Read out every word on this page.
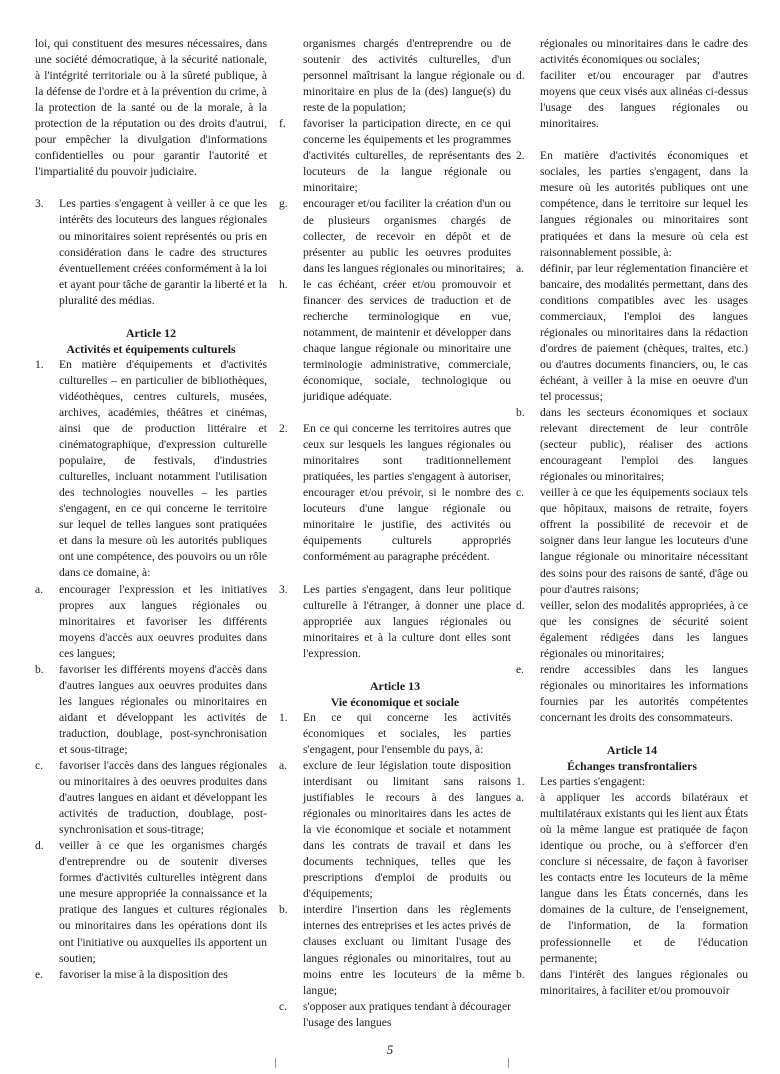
loi, qui constituent des mesures nécessaires, dans une société démocratique, à la sécurité nationale, à l'intégrité territoriale ou à la sûreté publique, à la défense de l'ordre et à la prévention du crime, à la protection de la santé ou de la morale, à la protection de la réputation ou des droits d'autrui, pour empêcher la divulgation d'informations confidentielles ou pour garantir l'autorité et l'impartialité du pouvoir judiciaire.

3. Les parties s'engagent à veiller à ce que les intérêts des locuteurs des langues régionales ou minoritaires soient représentés ou pris en considération dans le cadre des structures éventuellement créées conformément à la loi et ayant pour tâche de garantir la liberté et la pluralité des médias.

Article 12

Activités et équipements culturels

1. En matière d'équipements et d'activités culturelles – en particulier de bibliothèques, vidéothèques, centres culturels, musées, archives, académies, théâtres et cinémas, ainsi que de production littéraire et cinématographique, d'expression culturelle populaire, de festivals, d'industries culturelles, incluant notamment l'utilisation des technologies nouvelles – les parties s'engagent, en ce qui concerne le territoire sur lequel de telles langues sont pratiquées et dans la mesure où les autorités publiques ont une compétence, des pouvoirs ou un rôle dans ce domaine, à:

a. encourager l'expression et les initiatives propres aux langues régionales ou minoritaires et favoriser les différents moyens d'accès aux oeuvres produites dans ces langues;

b. favoriser les différents moyens d'accès dans d'autres langues aux oeuvres produites dans les langues régionales ou minoritaires en aidant et développant les activités de traduction, doublage, post-synchronisation et sous-titrage;

c. favoriser l'accès dans des langues régionales ou minoritaires à des oeuvres produites dans d'autres langues en aidant et développant les activités de traduction, doublage, post-synchronisation et sous-titrage;

d. veiller à ce que les organismes chargés d'entreprendre ou de soutenir diverses formes d'activités culturelles intègrent dans une mesure appropriée la connaissance et la pratique des langues et cultures régionales ou minoritaires dans les opérations dont ils ont l'initiative ou auxquelles ils apportent un soutien;

e. favoriser la mise à la disposition des

organismes chargés d'entreprendre ou de soutenir des activités culturelles, d'un personnel maîtrisant la langue régionale ou minoritaire en plus de la (des) langue(s) du reste de la population;

f. favoriser la participation directe, en ce qui concerne les équipements et les programmes d'activités culturelles, de représentants des locuteurs de la langue régionale ou minoritaire;

g. encourager et/ou faciliter la création d'un ou de plusieurs organismes chargés de collecter, de recevoir en dépôt et de présenter au public les oeuvres produites dans les langues régionales ou minoritaires;

h. le cas échéant, créer et/ou promouvoir et financer des services de traduction et de recherche terminologique en vue, notamment, de maintenir et développer dans chaque langue régionale ou minoritaire une terminologie administrative, commerciale, économique, sociale, technologique ou juridique adéquate.

2. En ce qui concerne les territoires autres que ceux sur lesquels les langues régionales ou minoritaires sont traditionnellement pratiquées, les parties s'engagent à autoriser, encourager et/ou prévoir, si le nombre des locuteurs d'une langue régionale ou minoritaire le justifie, des activités ou équipements culturels appropriés conformément au paragraphe précédent.

3. Les parties s'engagent, dans leur politique culturelle à l'étranger, à donner une place appropriée aux langues régionales ou minoritaires et à la culture dont elles sont l'expression.

Article 13

Vie économique et sociale

1. En ce qui concerne les activités économiques et sociales, les parties s'engagent, pour l'ensemble du pays, à:

a. exclure de leur législation toute disposition interdisant ou limitant sans raisons justifiables le recours à des langues régionales ou minoritaires dans les actes de la vie économique et sociale et notamment dans les contrats de travail et dans les documents techniques, telles que les prescriptions d'emploi de produits ou d'équipements;

b. interdire l'insertion dans les règlements internes des entreprises et les actes privés de clauses excluant ou limitant l'usage des langues régionales ou minoritaires, tout au moins entre les locuteurs de la même langue;

c. s'opposer aux pratiques tendant à décourager l'usage des langues

régionales ou minoritaires dans le cadre des activités économiques ou sociales;

d. faciliter et/ou encourager par d'autres moyens que ceux visés aux alinéas ci-dessus l'usage des langues régionales ou minoritaires.

2. En matière d'activités économiques et sociales, les parties s'engagent, dans la mesure où les autorités publiques ont une compétence, dans le territoire sur lequel les langues régionales ou minoritaires sont pratiquées et dans la mesure où cela est raisonnablement possible, à:

a. définir, par leur réglementation financière et bancaire, des modalités permettant, dans des conditions compatibles avec les usages commerciaux, l'emploi des langues régionales ou minoritaires dans la rédaction d'ordres de paiement (chèques, traites, etc.) ou d'autres documents financiers, ou, le cas échéant, à veiller à la mise en oeuvre d'un tel processus;

b. dans les secteurs économiques et sociaux relevant directement de leur contrôle (secteur public), réaliser des actions encourageant l'emploi des langues régionales ou minoritaires;

c. veiller à ce que les équipements sociaux tels que hôpitaux, maisons de retraite, foyers offrent la possibilité de recevoir et de soigner dans leur langue les locuteurs d'une langue régionale ou minoritaire nécessitant des soins pour des raisons de santé, d'âge ou pour d'autres raisons;

d. veiller, selon des modalités appropriées, à ce que les consignes de sécurité soient également rédigées dans les langues régionales ou minoritaires;

e. rendre accessibles dans les langues régionales ou minoritaires les informations fournies par les autorités compétentes concernant les droits des consommateurs.

Article 14

Échanges transfrontaliers

1. Les parties s'engagent:

a. à appliquer les accords bilatéraux et multilatéraux existants qui les lient aux États où la même langue est pratiquée de façon identique ou proche, ou à s'efforcer d'en conclure si nécessaire, de façon à favoriser les contacts entre les locuteurs de la même langue dans les États concernés, dans les domaines de la culture, de l'enseignement, de l'information, de la formation professionnelle et de l'éducation permanente;

b. dans l'intérêt des langues régionales ou minoritaires, à faciliter et/ou promouvoir

5
